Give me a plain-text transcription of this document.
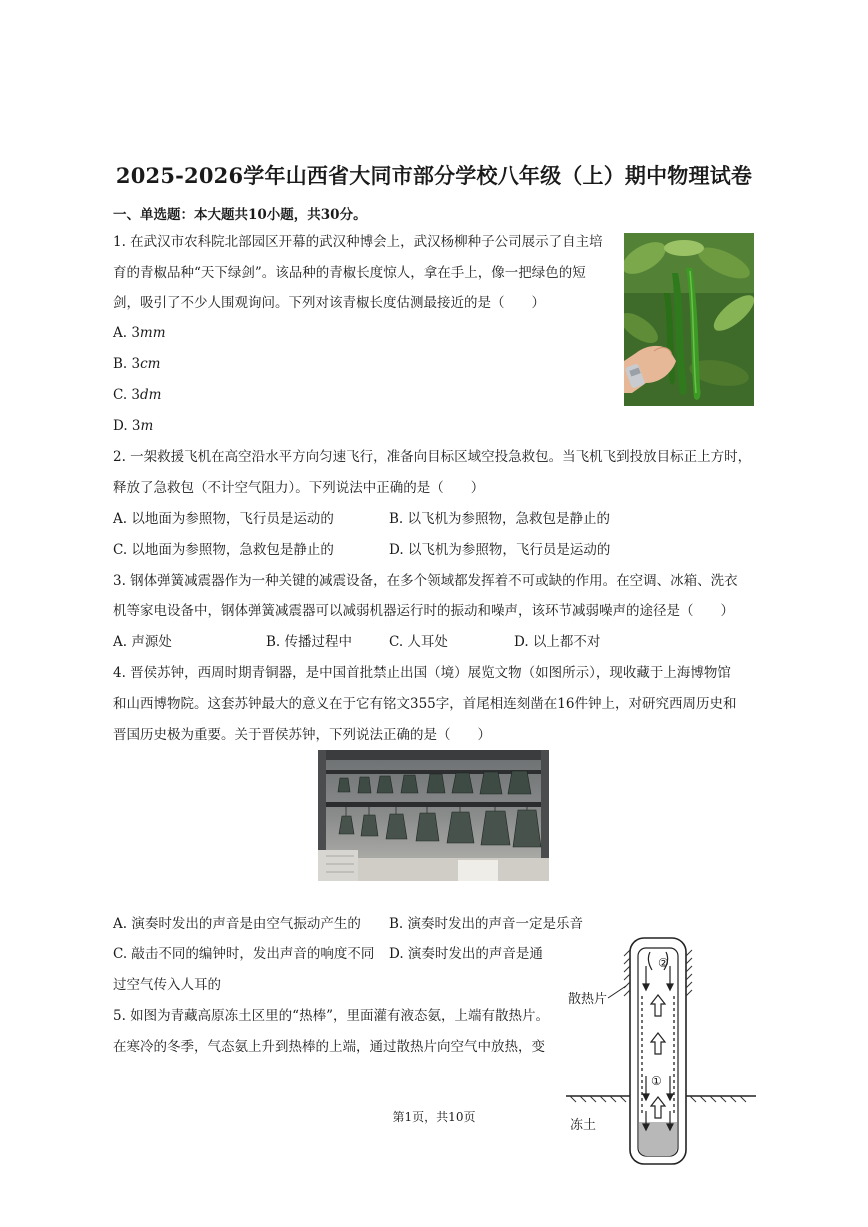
2025-2026学年山西省大同市部分学校八年级（上）期中物理试卷
一、单选题：本大题共10小题，共30分。
1. 在武汉市农科院北部园区开幕的武汉种博会上，武汉杨柳种子公司展示了自主培
育的青椒品种“天下绿剑”。该品种的青椒长度惊人，拿在手上，像一把绿色的短
剑，吸引了不少人围观询问。下列对该青椒长度估测最接近的是（　　）
A. 3mm
B. 3cm
C. 3dm
D. 3m
2. 一架救援飞机在高空沿水平方向匀速飞行，准备向目标区域空投急救包。当飞机飞到投放目标正上方时，
释放了急救包（不计空气阻力）。下列说法中正确的是（　　）
A. 以地面为参照物，飞行员是运动的	B. 以飞机为参照物，急救包是静止的
C. 以地面为参照物，急救包是静止的	D. 以飞机为参照物，飞行员是运动的
3. 钢体弹簧减震器作为一种关键的减震设备，在多个领域都发挥着不可或缺的作用。在空调、冰箱、洗衣
机等家电设备中，钢体弹簧减震器可以减弱机器运行时的振动和噪声，该环节减弱噪声的途径是（　　）
A. 声源处	B. 传播过程中	C. 人耳处	D. 以上都不对
4. 晋侯苏钟，西周时期青铜器，是中国首批禁止出国（境）展览文物（如图所示），现收藏于上海博物馆
和山西博物院。这套苏钟最大的意义在于它有铭文355字，首尾相连刻凿在16件钟上，对研究西周历史和
晋国历史极为重要。关于晋侯苏钟，下列说法正确的是（　　）
A. 演奏时发出的声音是由空气振动产生的 B. 演奏时发出的声音一定是乐音
C. 敲击不同的编钟时，发出声音的响度不同 D. 演奏时发出的声音是通
过空气传入人耳的
5. 如图为青藏高原冻土区里的“热棒”，里面灌有液态氨，上端有散热片。
在寒冷的冬季，气态氨上升到热棒的上端，通过散热片向空气中放热，变
②
①
散热片
冻土
第1页，共10页
